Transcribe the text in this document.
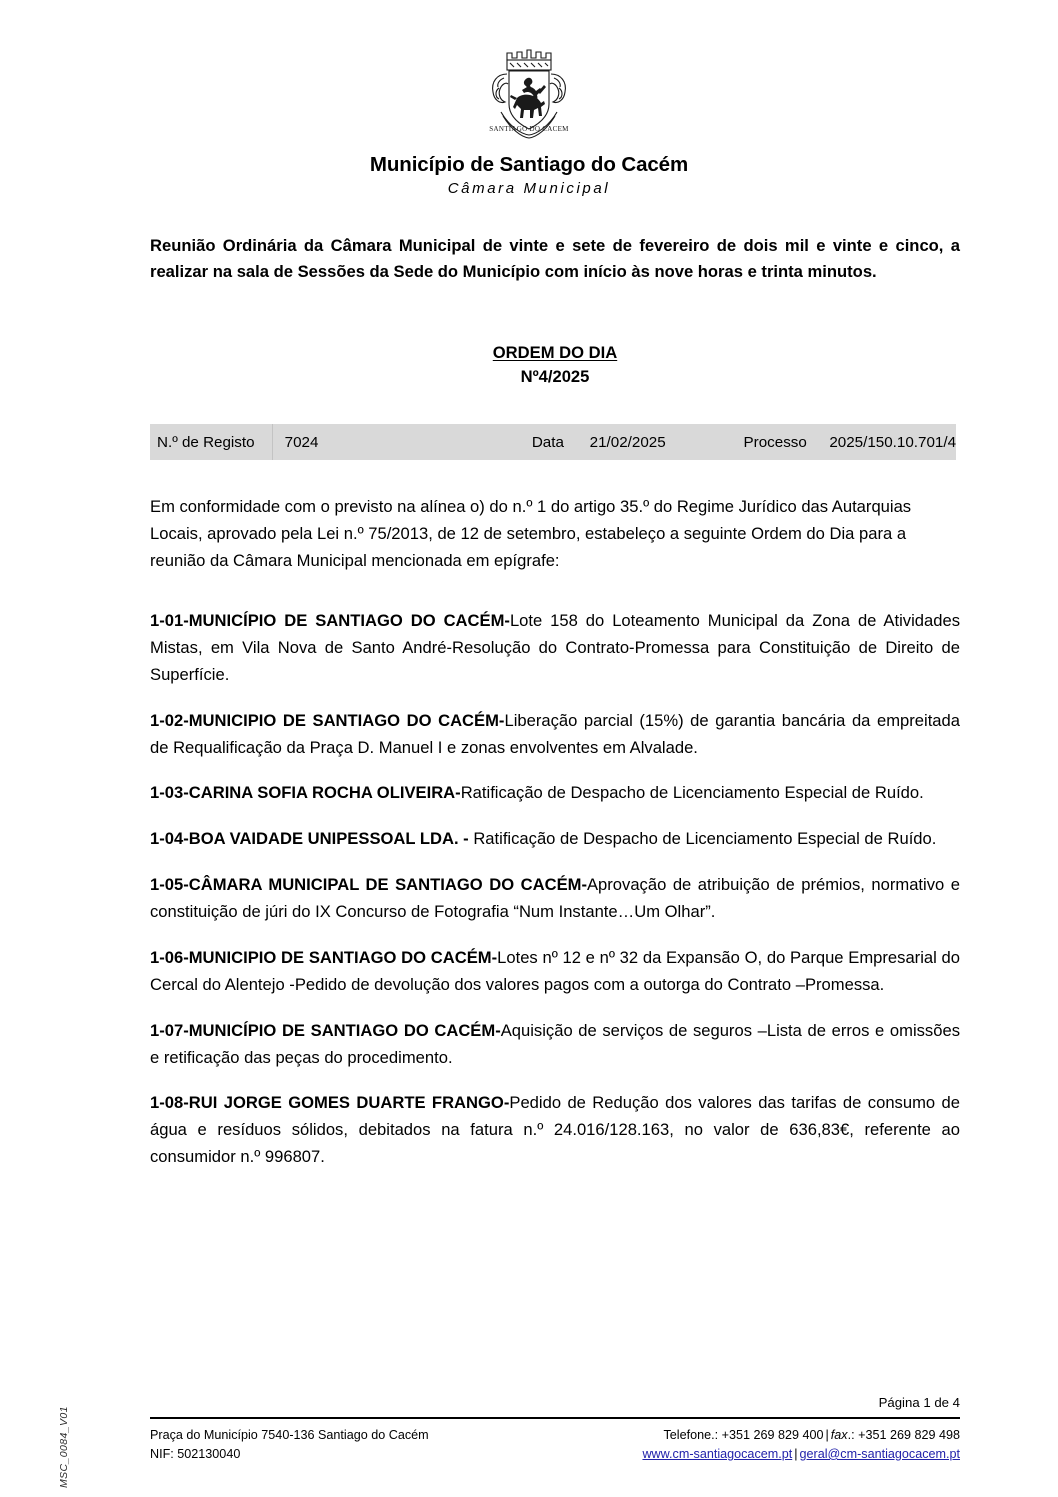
MSC_0084_V01
SANTIAGO DO CACEM
Município de Santiago do Cacém
Câmara Municipal
Reunião Ordinária da Câmara Municipal de vinte e sete de fevereiro de dois mil e vinte e cinco, a realizar na sala de Sessões da Sede do Município com início às nove horas e trinta minutos.
ORDEM DO DIA
Nº4/2025
N.º de Registo	7024	Data	21/02/2025	Processo	2025/150.10.701/4
Em conformidade com o previsto na alínea o) do n.º 1 do artigo 35.º do Regime Jurídico das Autarquias Locais, aprovado pela Lei n.º 75/2013, de 12 de setembro, estabeleço a seguinte Ordem do Dia para a reunião da Câmara Municipal mencionada em epígrafe:
1-01-MUNICÍPIO DE SANTIAGO DO CACÉM-Lote 158 do Loteamento Municipal da Zona de Atividades Mistas, em Vila Nova de Santo André-Resolução do Contrato-Promessa para Constituição de Direito de Superfície.
1-02-MUNICIPIO DE SANTIAGO DO CACÉM-Liberação parcial (15%) de garantia bancária da empreitada de Requalificação da Praça D. Manuel I e zonas envolventes em Alvalade.
1-03-CARINA SOFIA ROCHA OLIVEIRA-Ratificação de Despacho de Licenciamento Especial de Ruído.
1-04-BOA VAIDADE UNIPESSOAL LDA. - Ratificação de Despacho de Licenciamento Especial de Ruído.
1-05-CÂMARA MUNICIPAL DE SANTIAGO DO CACÉM-Aprovação de atribuição de prémios, normativo e constituição de júri do IX Concurso de Fotografia “Num Instante…Um Olhar”.
1-06-MUNICIPIO DE SANTIAGO DO CACÉM-Lotes nº 12 e nº 32 da Expansão O, do Parque Empresarial do Cercal do Alentejo -Pedido de devolução dos valores pagos com a outorga do Contrato –Promessa.
1-07-MUNICÍPIO DE SANTIAGO DO CACÉM-Aquisição de serviços de seguros –Lista de erros e omissões e retificação das peças do procedimento.
1-08-RUI JORGE GOMES DUARTE FRANGO-Pedido de Redução dos valores das tarifas de consumo de água e resíduos sólidos, debitados na fatura n.º 24.016/128.163, no valor de 636,83€, referente ao consumidor n.º 996807.
Página 1 de 4
Praça do Município 7540-136 Santiago do Cacém
NIF: 502130040
Telefone.: +351 269 829 400 | fax.: +351 269 829 498
www.cm-santiagocacem.pt | geral@cm-santiagocacem.pt
